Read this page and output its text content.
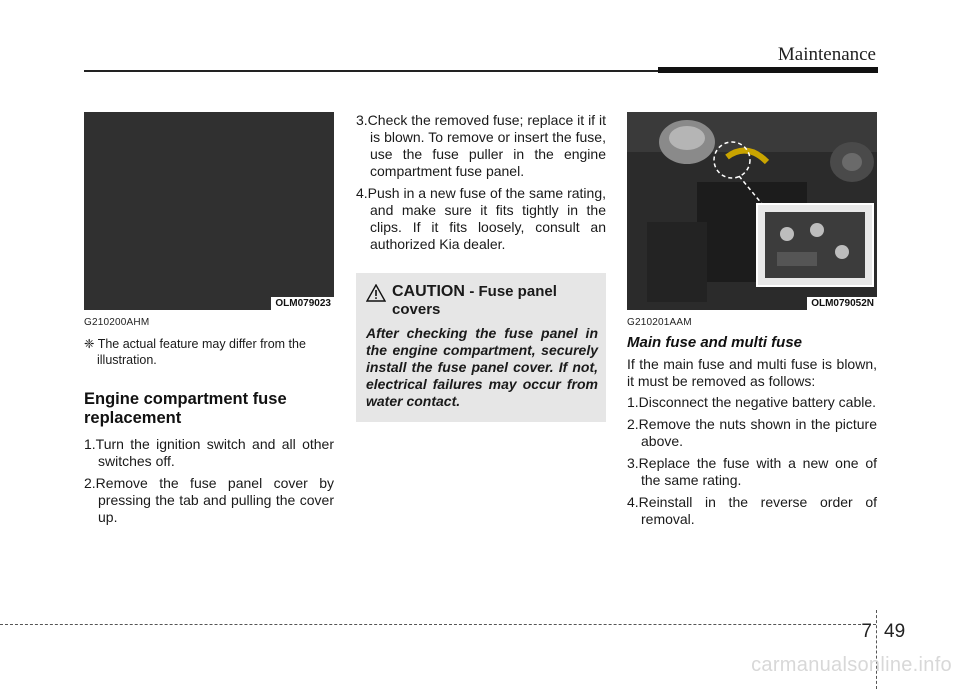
Maintenance
OLM079023
G210200AHM
❈ The actual feature may differ from the illustration.
Engine compartment fuse replacement
1.Turn the ignition switch and all other switches off.
2.Remove the fuse panel cover by pressing the tab and pulling the cover up.
3.Check the removed fuse; replace it if it is blown. To remove or insert the fuse, use the fuse puller in the engine compartment fuse panel.
4.Push in a new fuse of the same rating, and make sure it fits tightly in the clips. If it fits loosely, consult an authorized Kia dealer.
CAUTION - Fuse panel covers
After checking the fuse panel in the engine compartment, securely install the fuse panel cover. If not, electrical failures may occur from water contact.
OLM079052N
G210201AAM
Main fuse and multi fuse
If the main fuse and multi fuse is blown, it must be removed as follows:
1.Disconnect the negative battery cable.
2.Remove the nuts shown in the picture above.
3.Replace the fuse with a new one of the same rating.
4.Reinstall in the reverse order of removal.
7 49
carmanualsonline.info
